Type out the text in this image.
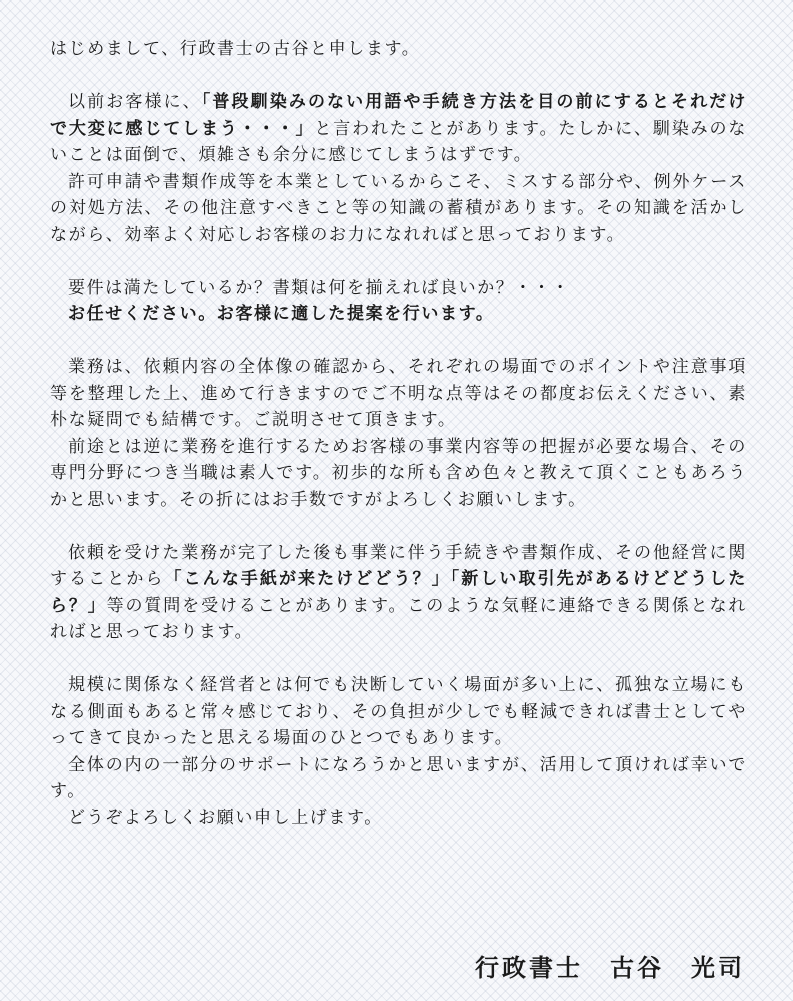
はじめまして、行政書士の古谷と申します。

以前お客様に、「普段馴染みのない用語や手続き方法を目の前にするとそれだけで大変に感じてしまう・・・」と言われたことがあります。たしかに、馴染みのないことは面倒で、煩雑さも余分に感じてしまうはずです。

許可申請や書類作成等を本業としているからこそ、ミスする部分や、例外ケースの対処方法、その他注意すべきこと等の知識の蓄積があります。その知識を活かしながら、効率よく対応しお客様のお力になれればと思っております。

要件は満たしているか？書類は何を揃えれば良いか？・・・

お任せください。お客様に適した提案を行います。

業務は、依頼内容の全体像の確認から、それぞれの場面でのポイントや注意事項等を整理した上、進めて行きますのでご不明な点等はその都度お伝えください、素朴な疑問でも結構です。ご説明させて頂きます。

前途とは逆に業務を進行するためお客様の事業内容等の把握が必要な場合、その専門分野につき当職は素人です。初歩的な所も含め色々と教えて頂くこともあろうかと思います。その折にはお手数ですがよろしくお願いします。

依頼を受けた業務が完了した後も事業に伴う手続きや書類作成、その他経営に関することから「こんな手紙が来たけどどう？」「新しい取引先があるけどどうしたら？」等の質問を受けることがあります。このような気軽に連絡できる関係となれればと思っております。

規模に関係なく経営者とは何でも決断していく場面が多い上に、孤独な立場にもなる側面もあると常々感じており、その負担が少しでも軽減できれば書士としてやってきて良かったと思える場面のひとつでもあります。

全体の内の一部分のサポートになろうかと思いますが、活用して頂ければ幸いです。

どうぞよろしくお願い申し上げます。

行政書士　古谷　光司
